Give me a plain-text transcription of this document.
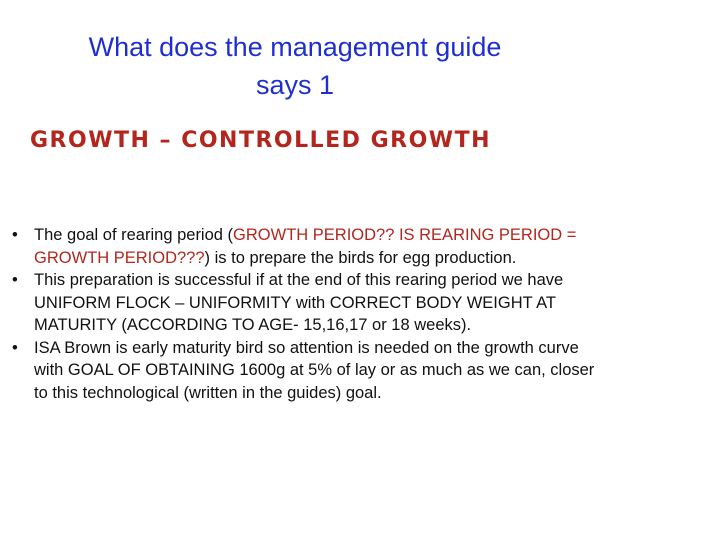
What does the management guide
says 1
GROWTH – CONTROLLED GROWTH
• The goal of rearing period (GROWTH PERIOD?? IS REARING PERIOD = GROWTH PERIOD???) is to prepare the birds for egg production.
• This preparation is successful if at the end of this rearing period we have UNIFORM FLOCK – UNIFORMITY with CORRECT BODY WEIGHT AT MATURITY (ACCORDING TO AGE- 15,16,17 or 18 weeks).
• ISA Brown is early maturity bird so attention is needed on the growth curve with GOAL OF OBTAINING 1600g at 5% of lay or as much as we can, closer to this technological (written in the guides) goal.
